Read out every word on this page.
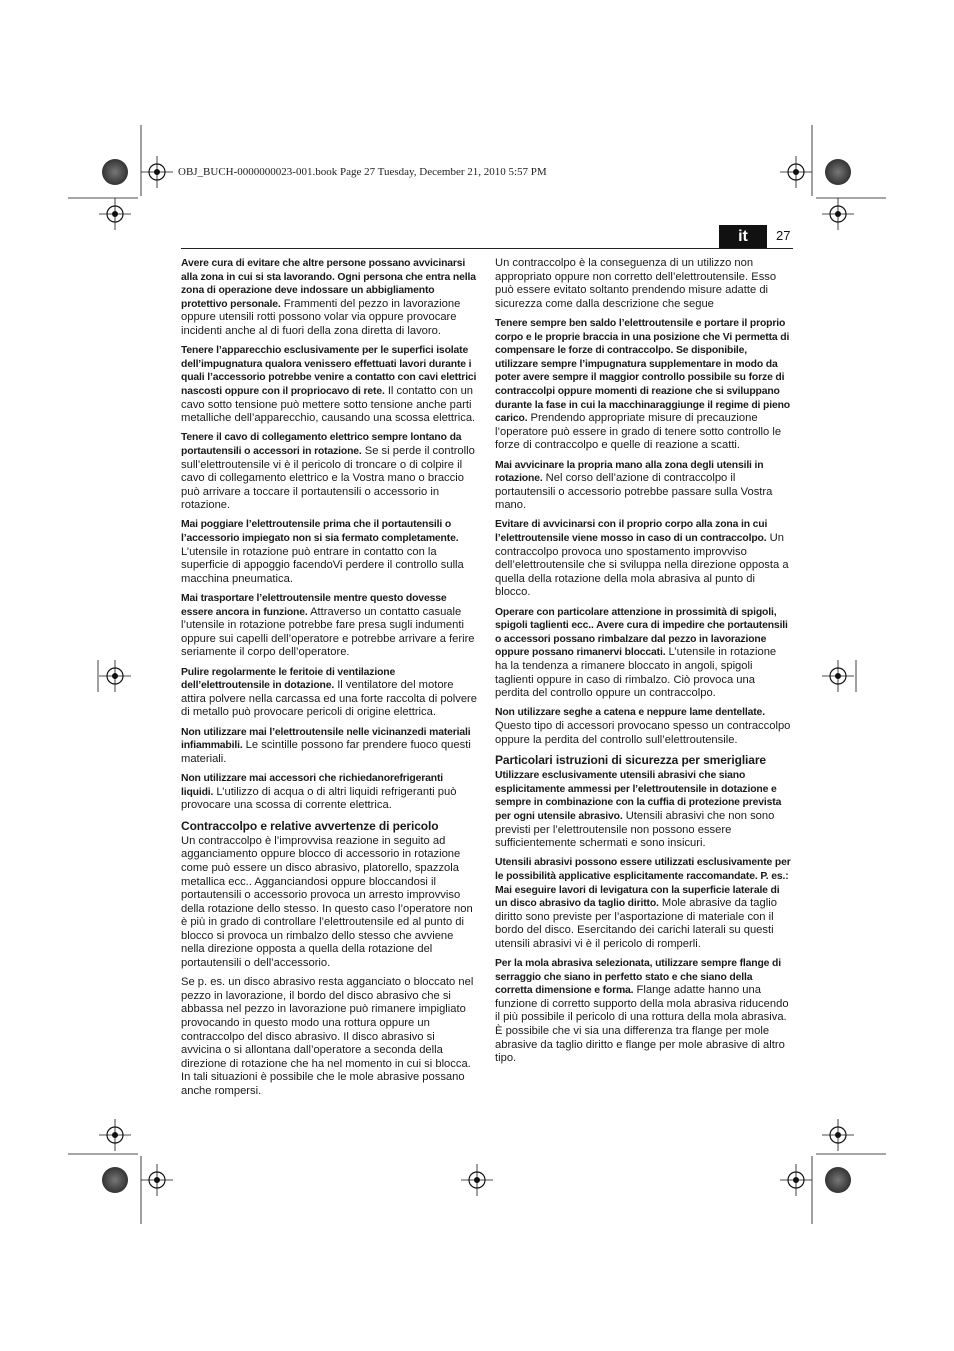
OBJ_BUCH-0000000023-001.book Page 27 Tuesday, December 21, 2010 5:57 PM
it	27

Avere cura di evitare che altre persone possano avvicinarsi alla zona in cui si sta lavorando. Ogni persona che entra nella zona di operazione deve indossare un abbigliamento protettivo personale. Frammenti del pezzo in lavorazione oppure utensili rotti possono volar via oppure provocare incidenti anche al di fuori della zona diretta di lavoro.

Tenere l’apparecchio esclusivamente per le superfici isolate dell’impugnatura qualora venissero effettuati lavori durante i quali l’accessorio potrebbe venire a contatto con cavi elettrici nascosti oppure con il propriocavo di rete. Il contatto con un cavo sotto tensione può mettere sotto tensione anche parti metalliche dell’apparecchio, causando una scossa elettrica.

Tenere il cavo di collegamento elettrico sempre lontano da portautensili o accessori in rotazione. Se si perde il controllo sull’elettroutensile vi è il pericolo di troncare o di colpire il cavo di collegamento elettrico e la Vostra mano o braccio può arrivare a toccare il portautensili o accessorio in rotazione.

Mai poggiare l’elettroutensile prima che il portautensili o l’accessorio impiegato non si sia fermato completamente. L’utensile in rotazione può entrare in contatto con la superficie di appoggio facendoVi perdere il controllo sulla macchina pneumatica.

Mai trasportare l’elettroutensile mentre questo dovesse essere ancora in funzione. Attraverso un contatto casuale l’utensile in rotazione potrebbe fare presa sugli indumenti oppure sui capelli dell’operatore e potrebbe arrivare a ferire seriamente il corpo dell’operatore.

Pulire regolarmente le feritoie di ventilazione dell’elettroutensile in dotazione. Il ventilatore del motore attira polvere nella carcassa ed una forte raccolta di polvere di metallo può provocare pericoli di origine elettrica.

Non utilizzare mai l’elettroutensile nelle vicinanzedi materiali infiammabili. Le scintille possono far prendere fuoco questi materiali.

Non utilizzare mai accessori che richiedanorefrigeranti liquidi. L’utilizzo di acqua o di altri liquidi refrigeranti può provocare una scossa di corrente elettrica.

Contraccolpo e relative avvertenze di pericolo

Un contraccolpo è l’improvvisa reazione in seguito ad agganciamento oppure blocco di accessorio in rotazione come può essere un disco abrasivo, platorello, spazzola metallica ecc.. Agganciandosi oppure bloccandosi il portautensili o accessorio provoca un arresto improvviso della rotazione dello stesso. In questo caso l’operatore non è più in grado di controllare l’elettroutensile ed al punto di blocco si provoca un rimbalzo dello stesso che avviene nella direzione opposta a quella della rotazione del portautensili o dell’accessorio.

Se p. es. un disco abrasivo resta agganciato o bloccato nel pezzo in lavorazione, il bordo del disco abrasivo che si abbassa nel pezzo in lavorazione può rimanere impigliato provocando in questo modo una rottura oppure un contraccolpo del disco abrasivo. Il disco abrasivo si avvicina o si allontana dall’operatore a seconda della direzione di rotazione che ha nel momento in cui si blocca. In tali situazioni è possibile che le mole abrasive possano anche rompersi.

Un contraccolpo è la conseguenza di un utilizzo non appropriato oppure non corretto dell’elettroutensile. Esso può essere evitato soltanto prendendo misure adatte di sicurezza come dalla descrizione che segue

Tenere sempre ben saldo l’elettroutensile e portare il proprio corpo e le proprie braccia in una posizione che Vi permetta di compensare le forze di contraccolpo. Se disponibile, utilizzare sempre l’impugnatura supplementare in modo da poter avere sempre il maggior controllo possibile su forze di contraccolpi oppure momenti di reazione che si sviluppano durante la fase in cui la macchinaraggiunge il regime di pieno carico. Prendendo appropriate misure di precauzione l’operatore può essere in grado di tenere sotto controllo le forze di contraccolpo e quelle di reazione a scatti.

Mai avvicinare la propria mano alla zona degli utensili in rotazione. Nel corso dell’azione di contraccolpo il portautensili o accessorio potrebbe passare sulla Vostra mano.

Evitare di avvicinarsi con il proprio corpo alla zona in cui l’elettroutensile viene mosso in caso di un contraccolpo. Un contraccolpo provoca uno spostamento improvviso dell’elettroutensile che si sviluppa nella direzione opposta a quella della rotazione della mola abrasiva al punto di blocco.

Operare con particolare attenzione in prossimità di spigoli, spigoli taglienti ecc.. Avere cura di impedire che portautensili o accessori possano rimbalzare dal pezzo in lavorazione oppure possano rimanervi bloccati. L’utensile in rotazione ha la tendenza a rimanere bloccato in angoli, spigoli taglienti oppure in caso di rimbalzo. Ciò provoca una perdita del controllo oppure un contraccolpo.

Non utilizzare seghe a catena e neppure lame dentellate. Questo tipo di accessori provocano spesso un contraccolpo oppure la perdita del controllo sull’elettroutensile.

Particolari istruzioni di sicurezza per smerigliare

Utilizzare esclusivamente utensili abrasivi che siano esplicitamente ammessi per l’elettroutensile in dotazione e sempre in combinazione con la cuffia di protezione prevista per ogni utensile abrasivo. Utensili abrasivi che non sono previsti per l’elettroutensile non possono essere sufficientemente schermati e sono insicuri.

Utensili abrasivi possono essere utilizzati esclusivamente per le possibilità applicative esplicitamente raccomandate. P. es.: Mai eseguire lavori di levigatura con la superficie laterale di un disco abrasivo da taglio diritto. Mole abrasive da taglio diritto sono previste per l’asportazione di materiale con il bordo del disco. Esercitando dei carichi laterali su questi utensili abrasivi vi è il pericolo di romperli.

Per la mola abrasiva selezionata, utilizzare sempre flange di serraggio che siano in perfetto stato e che siano della corretta dimensione e forma. Flange adatte hanno una funzione di corretto supporto della mola abrasiva riducendo il più possibile il pericolo di una rottura della mola abrasiva. È possibile che vi sia una differenza tra flange per mole abrasive da taglio diritto e flange per mole abrasive di altro tipo.
